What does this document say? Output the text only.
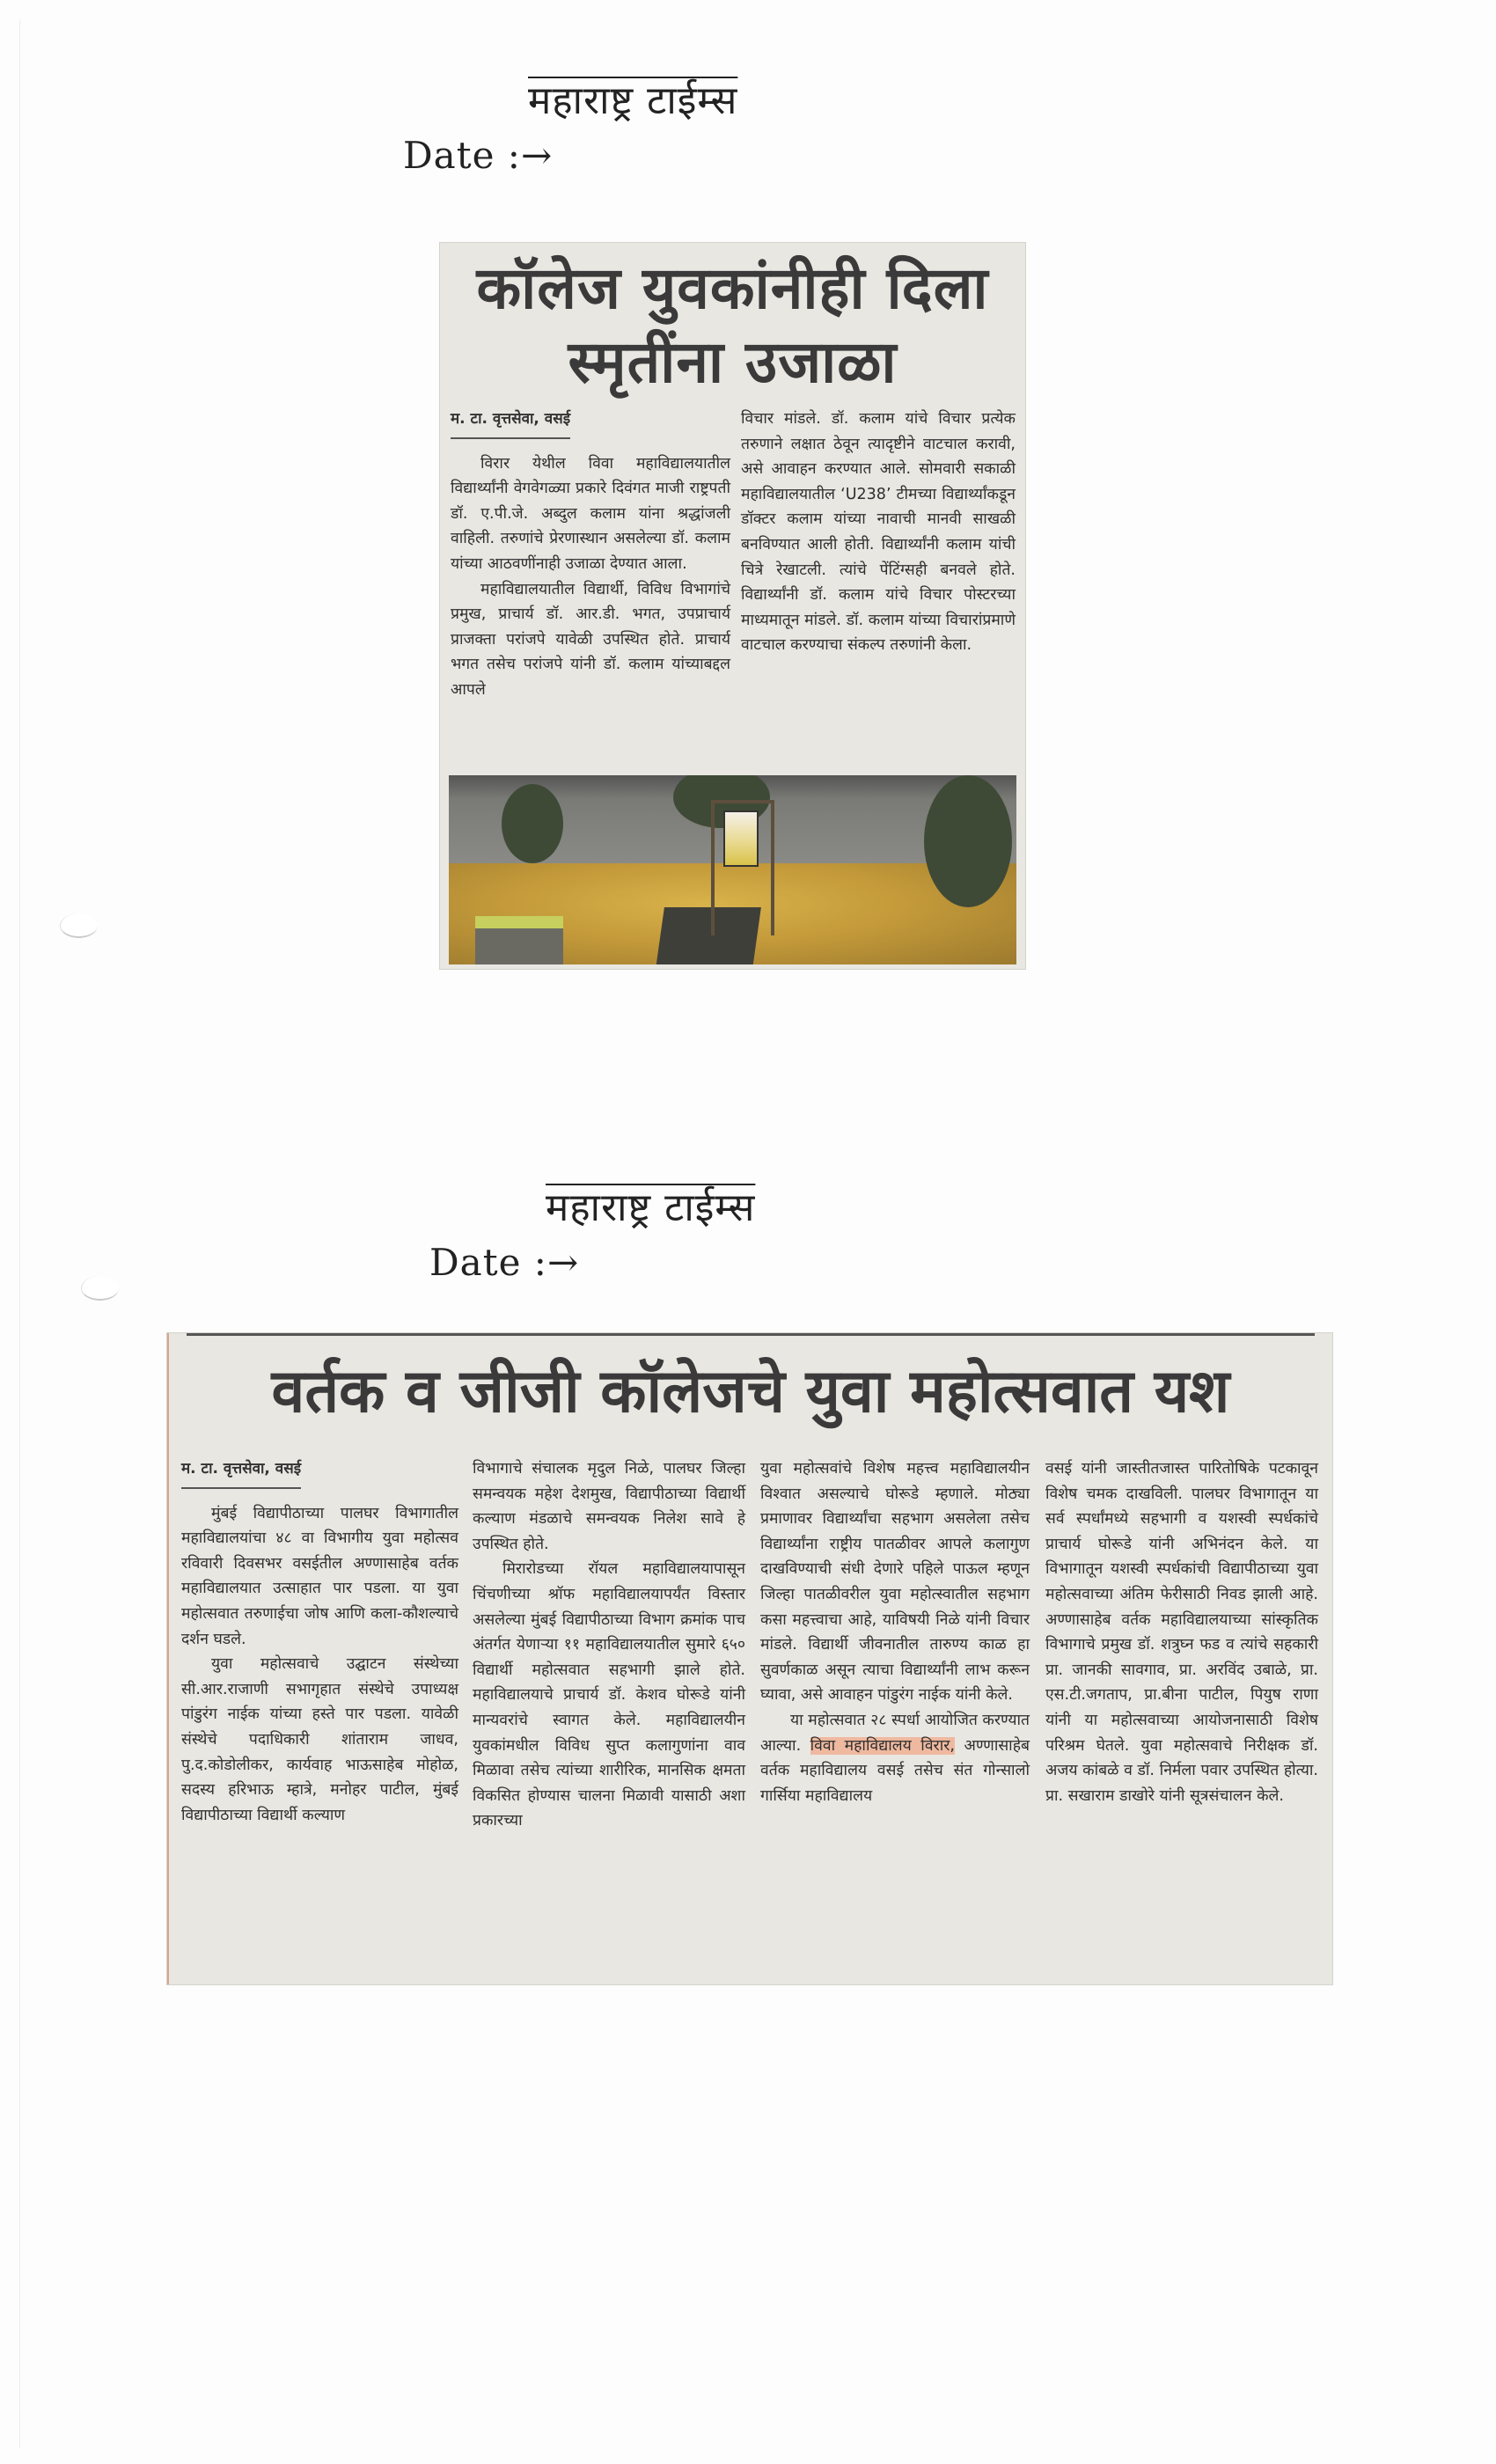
महाराष्ट्र टाईम्स
Date :→
कॉलेज युवकांनीही दिला
स्मृतींना उजाळा
म. टा. वृत्तसेवा, वसई

विरार येथील विवा महाविद्यालयातील विद्यार्थ्यांनी वेगवेगळ्या प्रकारे दिवंगत माजी राष्ट्रपती डॉ. ए.पी.जे. अब्दुल कलाम यांना श्रद्धांजली वाहिली. तरुणांचे प्रेरणास्थान असलेल्या डॉ. कलाम यांच्या आठवणींनाही उजाळा देण्यात आला.

महाविद्यालयातील विद्यार्थी, विविध विभागांचे प्रमुख, प्राचार्य डॉ. आर.डी. भगत, उपप्राचार्य प्राजक्ता परांजपे यावेळी उपस्थित होते. प्राचार्य भगत तसेच परांजपे यांनी डॉ. कलाम यांच्याबद्दल आपले

विचार मांडले. डॉ. कलाम यांचे विचार प्रत्येक तरुणाने लक्षात ठेवून त्यादृष्टीने वाटचाल करावी, असे आवाहन करण्यात आले. सोमवारी सकाळी महाविद्यालयातील ‘U238’ टीमच्या विद्यार्थ्यांकडून डॉक्टर कलाम यांच्या नावाची मानवी साखळी बनविण्यात आली होती. विद्यार्थ्यांनी कलाम यांची चित्रे रेखाटली. त्यांचे पेंटिंग्सही बनवले होते. विद्यार्थ्यांनी डॉ. कलाम यांचे विचार पोस्टरच्या माध्यमातून मांडले. डॉ. कलाम यांच्या विचारांप्रमाणे वाटचाल करण्याचा संकल्प तरुणांनी केला.

महाराष्ट्र टाईम्स
Date :→
वर्तक व जीजी कॉलेजचे युवा महोत्सवात यश
म. टा. वृत्तसेवा, वसई

मुंबई विद्यापीठाच्या पालघर विभागातील महाविद्यालयांचा ४८ वा विभागीय युवा महोत्सव रविवारी दिवसभर वसईतील अण्णासाहेब वर्तक महाविद्यालयात उत्साहात पार पडला. या युवा महोत्सवात तरुणाईचा जोष आणि कला-कौशल्याचे दर्शन घडले.

युवा महोत्सवाचे उद्घाटन संस्थेच्या सी.आर.राजाणी सभागृहात संस्थेचे उपाध्यक्ष पांडुरंग नाईक यांच्या हस्ते पार पडला. यावेळी संस्थेचे पदाधिकारी शांताराम जाधव, पु.द.कोडोलीकर, कार्यवाह भाऊसाहेब मोहोळ, सदस्य हरिभाऊ म्हात्रे, मनोहर पाटील, मुंबई विद्यापीठाच्या विद्यार्थी कल्याण

विभागाचे संचालक मृदुल निळे, पालघर जिल्हा समन्वयक महेश देशमुख, विद्यापीठाच्या विद्यार्थी कल्याण मंडळाचे समन्वयक निलेश सावे हे उपस्थित होते.

मिरारोडच्या रॉयल महाविद्यालयापासून चिंचणीच्या श्रॉफ महाविद्यालयापर्यंत विस्तार असलेल्या मुंबई विद्यापीठाच्या विभाग क्रमांक पाच अंतर्गत येणाऱ्या ११ महाविद्यालयातील सुमारे ६५० विद्यार्थी महोत्सवात सहभागी झाले होते. महाविद्यालयाचे प्राचार्य डॉ. केशव घोरूडे यांनी मान्यवरांचे स्वागत केले. महाविद्यालयीन युवकांमधील विविध सुप्त कलागुणांना वाव मिळावा तसेच त्यांच्या शारीरिक, मानसिक क्षमता विकसित होण्यास चालना मिळावी यासाठी अशा प्रकारच्या

युवा महोत्सवांचे विशेष महत्त्व महाविद्यालयीन विश्वात असल्याचे घोरूडे म्हणाले. मोठ्या प्रमाणावर विद्यार्थ्यांचा सहभाग असलेला तसेच विद्यार्थ्यांना राष्ट्रीय पातळीवर आपले कलागुण दाखविण्याची संधी देणारे पहिले पाऊल म्हणून जिल्हा पातळीवरील युवा महोत्स्वातील सहभाग कसा महत्त्वाचा आहे, याविषयी निळे यांनी विचार मांडले. विद्यार्थी जीवनातील तारुण्य काळ हा सुवर्णकाळ असून त्याचा विद्यार्थ्यांनी लाभ करून घ्यावा, असे आवाहन पांडुरंग नाईक यांनी केले.

या महोत्सवात २८ स्पर्धा आयोजित करण्यात आल्या. विवा महाविद्यालय विरार, अण्णासाहेब वर्तक महाविद्यालय वसई तसेच संत गोन्सालो गार्सिया महाविद्यालय

वसई यांनी जास्तीतजास्त पारितोषिके पटकावून विशेष चमक दाखविली. पालघर विभागातून या सर्व स्पर्धांमध्ये सहभागी व यशस्वी स्पर्धकांचे प्राचार्य घोरूडे यांनी अभिनंदन केले. या विभागातून यशस्वी स्पर्धकांची विद्यापीठाच्या युवा महोत्सवाच्या अंतिम फेरीसाठी निवड झाली आहे. अण्णासाहेब वर्तक महाविद्यालयाच्या सांस्कृतिक विभागाचे प्रमुख डॉ. शत्रुघ्न फड व त्यांचे सहकारी प्रा. जानकी सावगाव, प्रा. अरविंद उबाळे, प्रा. एस.टी.जगताप, प्रा.बीना पाटील, पियुष राणा यांनी या महोत्सवाच्या आयोजनासाठी विशेष परिश्रम घेतले. युवा महोत्सवाचे निरीक्षक डॉ. अजय कांबळे व डॉ. निर्मला पवार उपस्थित होत्या. प्रा. सखाराम डाखोरे यांनी सूत्रसंचालन केले.
